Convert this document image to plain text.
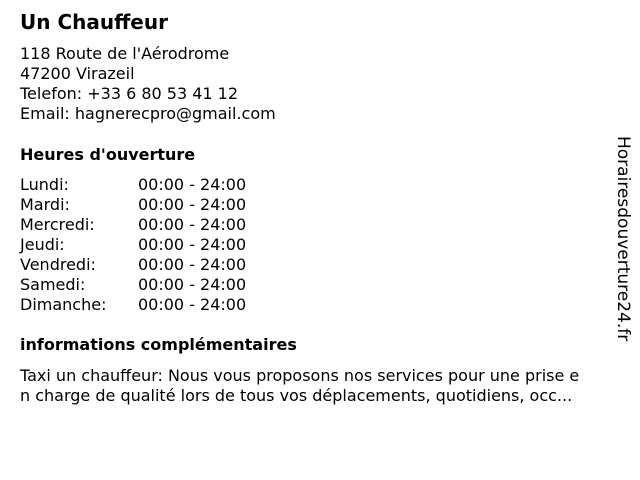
Un Chauffeur
118 Route de l'Aérodrome
47200 Virazeil
Telefon: +33 6 80 53 41 12
Email: hagnerecpro@gmail.com
Heures d'ouverture
Lundi:	00:00 - 24:00
Mardi:	00:00 - 24:00
Mercredi:	00:00 - 24:00
Jeudi:	00:00 - 24:00
Vendredi:	00:00 - 24:00
Samedi:	00:00 - 24:00
Dimanche: 00:00 - 24:00
informations complémentaires
Taxi un chauffeur: Nous vous proposons nos services pour une prise e
n charge de qualité lors de tous vos déplacements, quotidiens, occ...
Horairesdouverture24.fr
